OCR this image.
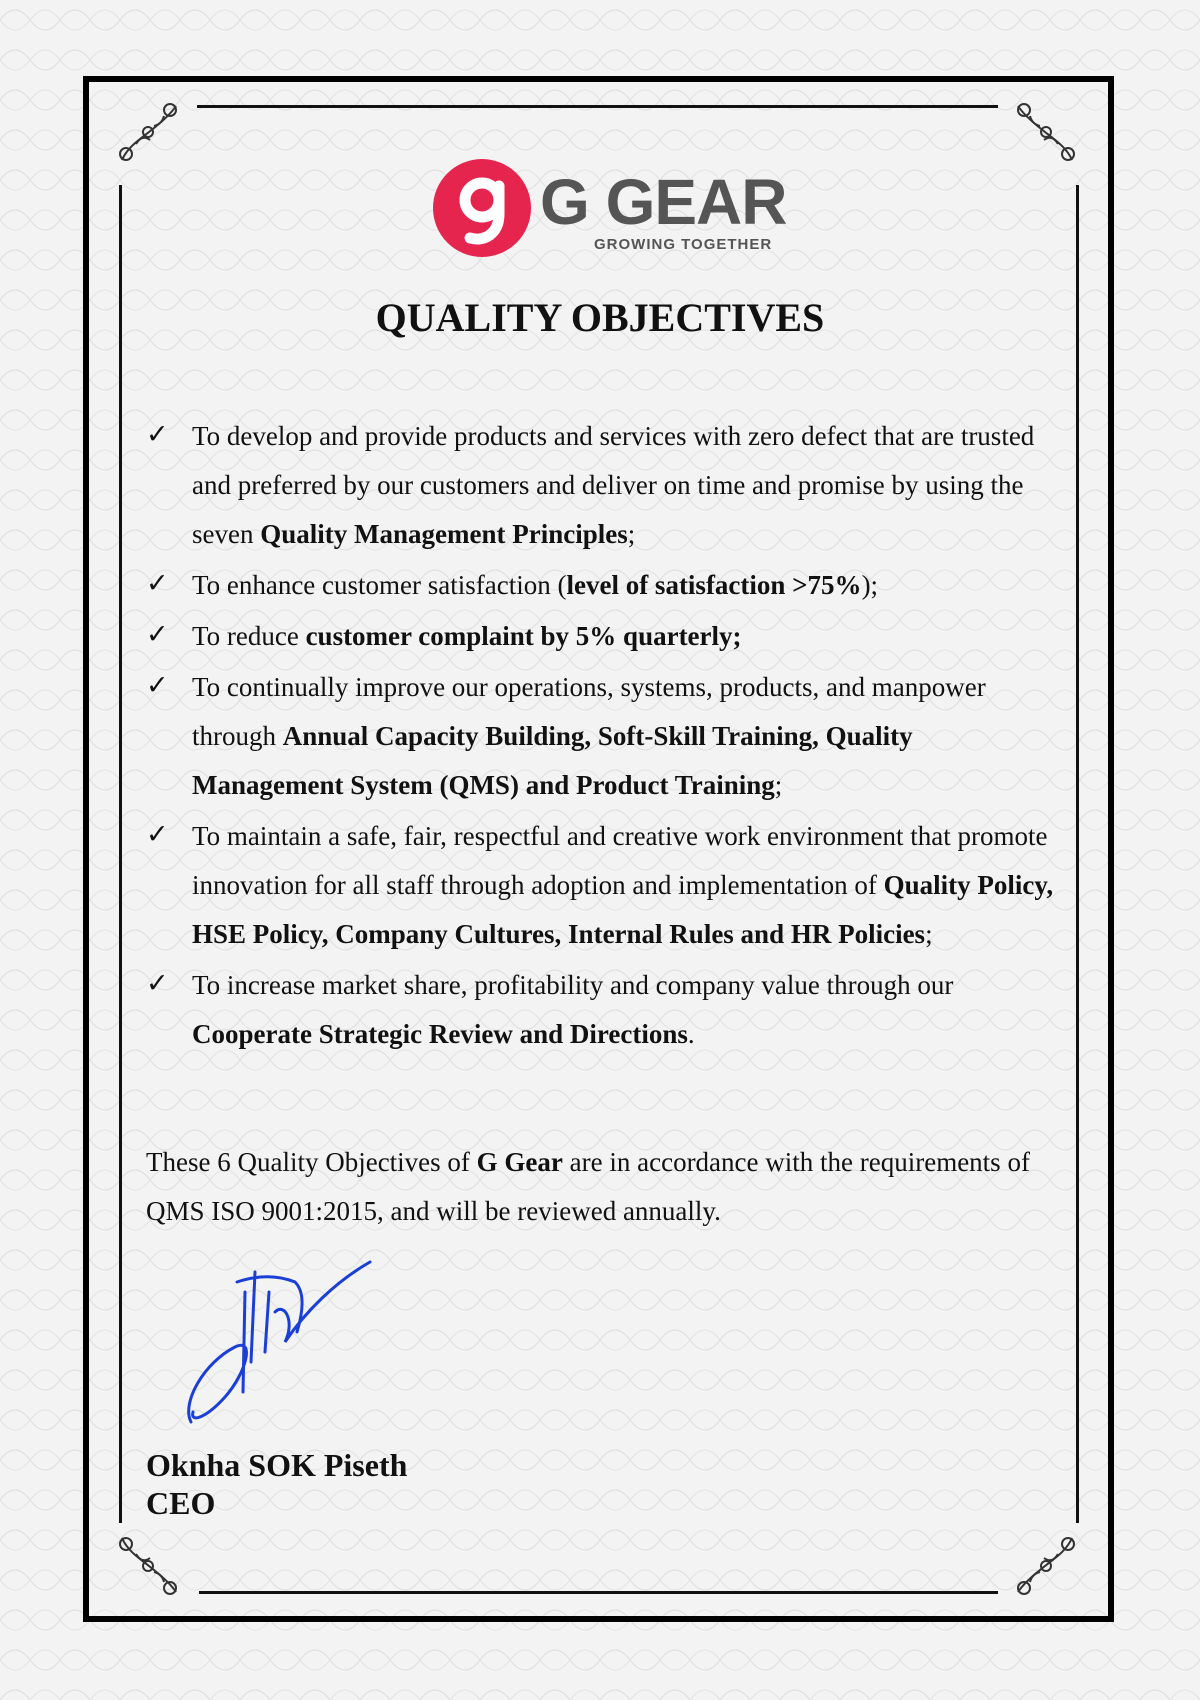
G GEAR
GROWING TOGETHER
QUALITY OBJECTIVES
✓ To develop and provide products and services with zero defect that are trusted and preferred by our customers and deliver on time and promise by using the seven Quality Management Principles;
✓ To enhance customer satisfaction (level of satisfaction >75%);
✓ To reduce customer complaint by 5% quarterly;
✓ To continually improve our operations, systems, products, and manpower through Annual Capacity Building, Soft-Skill Training, Quality Management System (QMS) and Product Training;
✓ To maintain a safe, fair, respectful and creative work environment that promote innovation for all staff through adoption and implementation of Quality Policy, HSE Policy, Company Cultures, Internal Rules and HR Policies;
✓ To increase market share, profitability and company value through our Cooperate Strategic Review and Directions.

These 6 Quality Objectives of G Gear are in accordance with the requirements of QMS ISO 9001:2015, and will be reviewed annually.

Oknha SOK Piseth
CEO
